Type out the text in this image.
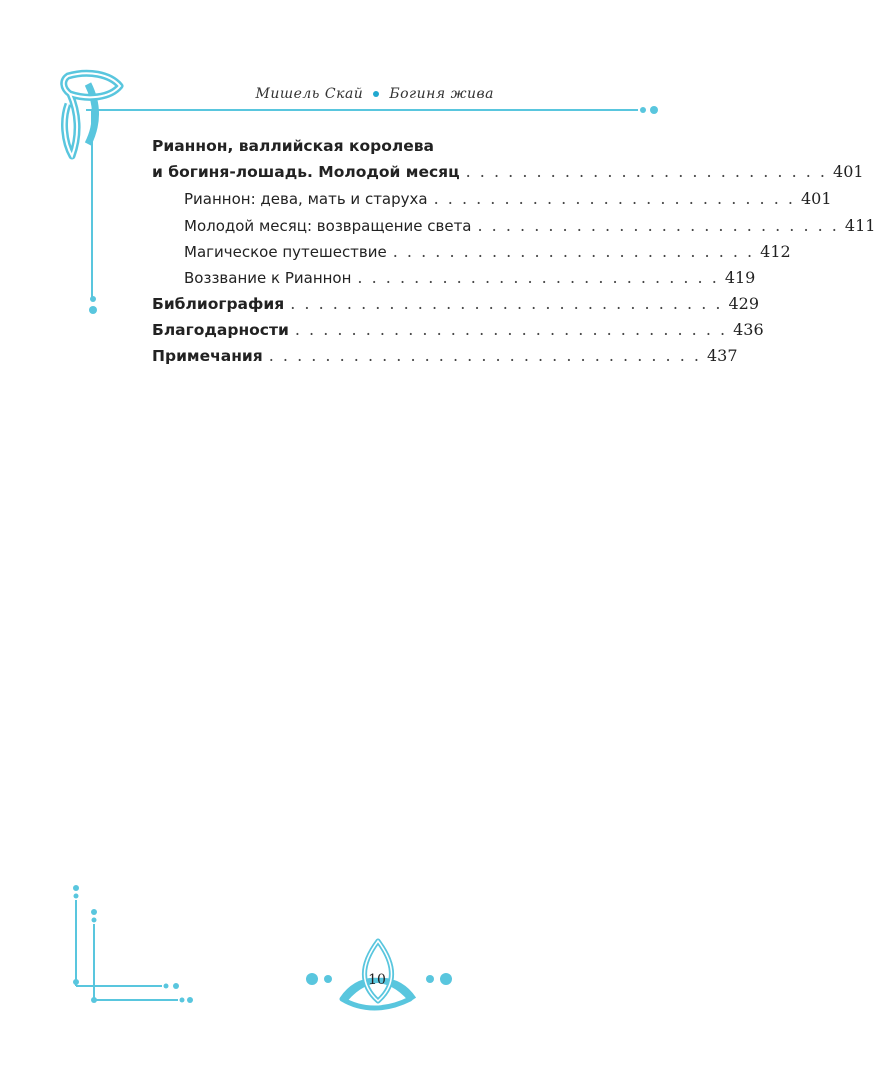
Мишель Скай Богиня жива
Рианнон, валлийская королева
и богиня-лошадь. Молодой месяц . . . . . . . . . . . . . . . . . . . . . . . . . . 401
Рианнон: дева, мать и старуха . . . . . . . . . . . . . . . . . . . . . . . . . . 401
Молодой месяц: возвращение света . . . . . . . . . . . . . . . . . . . . . . . . . . 411
Магическое путешествие . . . . . . . . . . . . . . . . . . . . . . . . . . 412
Воззвание к Рианнон . . . . . . . . . . . . . . . . . . . . . . . . . . 419
Библиография . . . . . . . . . . . . . . . . . . . . . . . . . . . . . . . 429
Благодарности . . . . . . . . . . . . . . . . . . . . . . . . . . . . . . . 436
Примечания . . . . . . . . . . . . . . . . . . . . . . . . . . . . . . . 437
10
